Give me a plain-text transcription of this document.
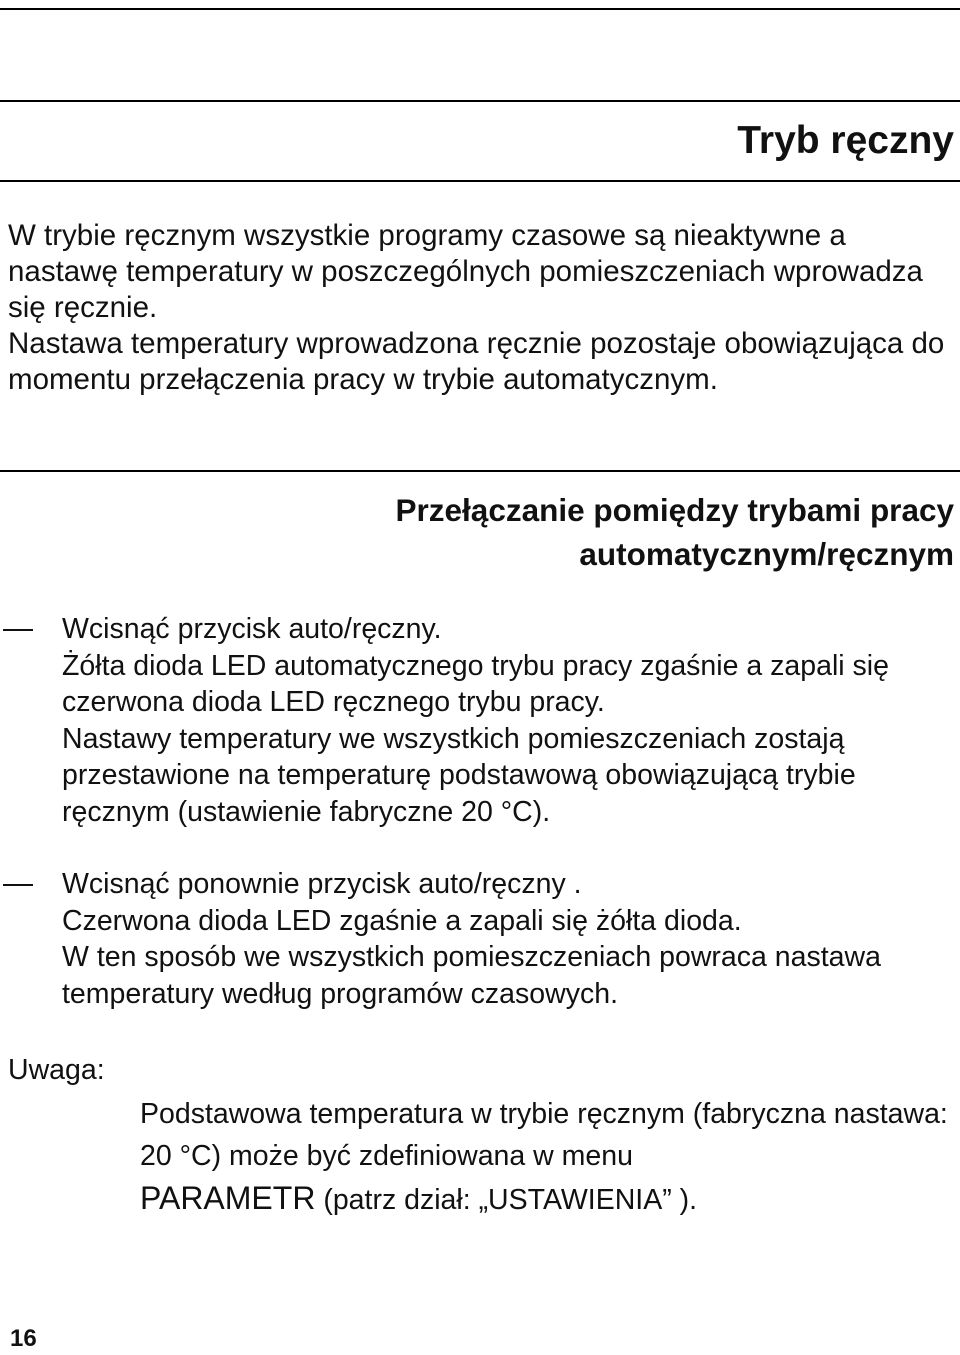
Tryb ręczny

W trybie ręcznym wszystkie programy czasowe są nieaktywne a nastawę temperatury w poszczególnych pomieszczeniach wprowadza się ręcznie.

Nastawa temperatury wprowadzona ręcznie pozostaje obowiązująca do momentu przełączenia pracy w trybie automatycznym.

Przełączanie pomiędzy trybami pracy
automatycznym/ręcznym

Wcisnąć przycisk auto/ręczny.

Żółta dioda LED automatycznego trybu pracy zgaśnie a zapali się czerwona dioda LED ręcznego trybu pracy.

Nastawy temperatury we wszystkich pomieszczeniach zostają przestawione na temperaturę podstawową obowiązującą trybie ręcznym (ustawienie fabryczne 20 °C).

Wcisnąć ponownie przycisk auto/ręczny .

Czerwona dioda LED zgaśnie a zapali się żółta dioda.

W ten sposób we wszystkich pomieszczeniach powraca nastawa temperatury według programów czasowych.

Uwaga:
Podstawowa temperatura w trybie ręcznym (fabryczna nastawa: 20 °C) może być zdefiniowana w menu
PARAMETR (patrz dział: „USTAWIENIA” ).
16
